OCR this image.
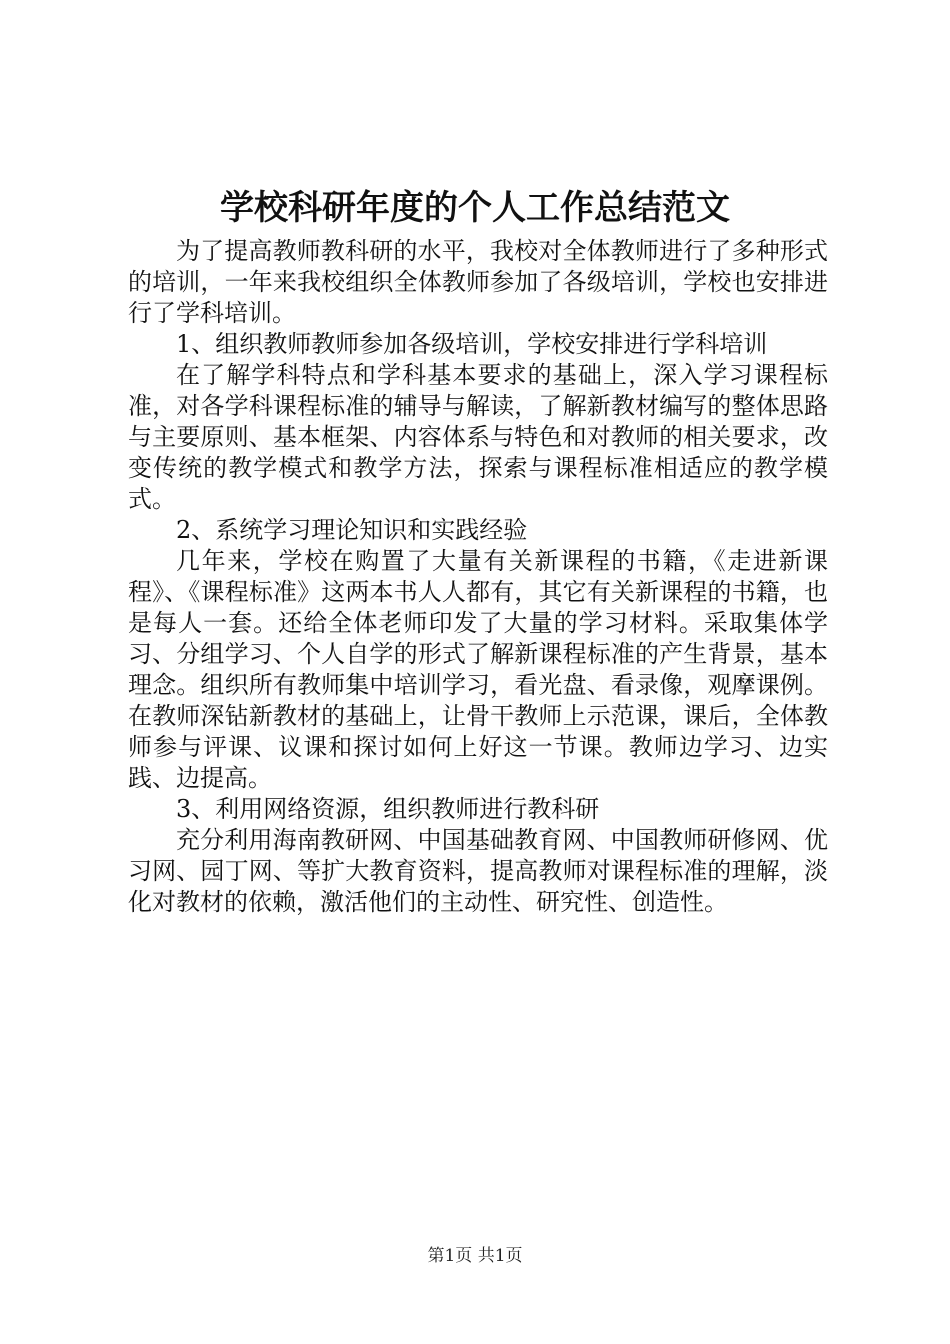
学校科研年度的个人工作总结范文

为了提高教师教科研的水平，我校对全体教师进行了多种形式的培训，一年来我校组织全体教师参加了各级培训，学校也安排进行了学科培训。

1、组织教师教师参加各级培训，学校安排进行学科培训

在了解学科特点和学科基本要求的基础上，深入学习课程标准，对各学科课程标准的辅导与解读，了解新教材编写的整体思路与主要原则、基本框架、内容体系与特色和对教师的相关要求，改变传统的教学模式和教学方法，探索与课程标准相适应的教学模式。

2、系统学习理论知识和实践经验

几年来，学校在购置了大量有关新课程的书籍，《走进新课程》、《课程标准》这两本书人人都有，其它有关新课程的书籍，也是每人一套。还给全体老师印发了大量的学习材料。采取集体学习、分组学习、个人自学的形式了解新课程标准的产生背景，基本理念。组织所有教师集中培训学习，看光盘、看录像，观摩课例。在教师深钻新教材的基础上，让骨干教师上示范课，课后，全体教师参与评课、议课和探讨如何上好这一节课。教师边学习、边实践、边提高。

3、利用网络资源，组织教师进行教科研

充分利用海南教研网、中国基础教育网、中国教师研修网、优习网、园丁网、等扩大教育资料，提高教师对课程标准的理解，淡化对教材的依赖，激活他们的主动性、研究性、创造性。

第1页 共1页
